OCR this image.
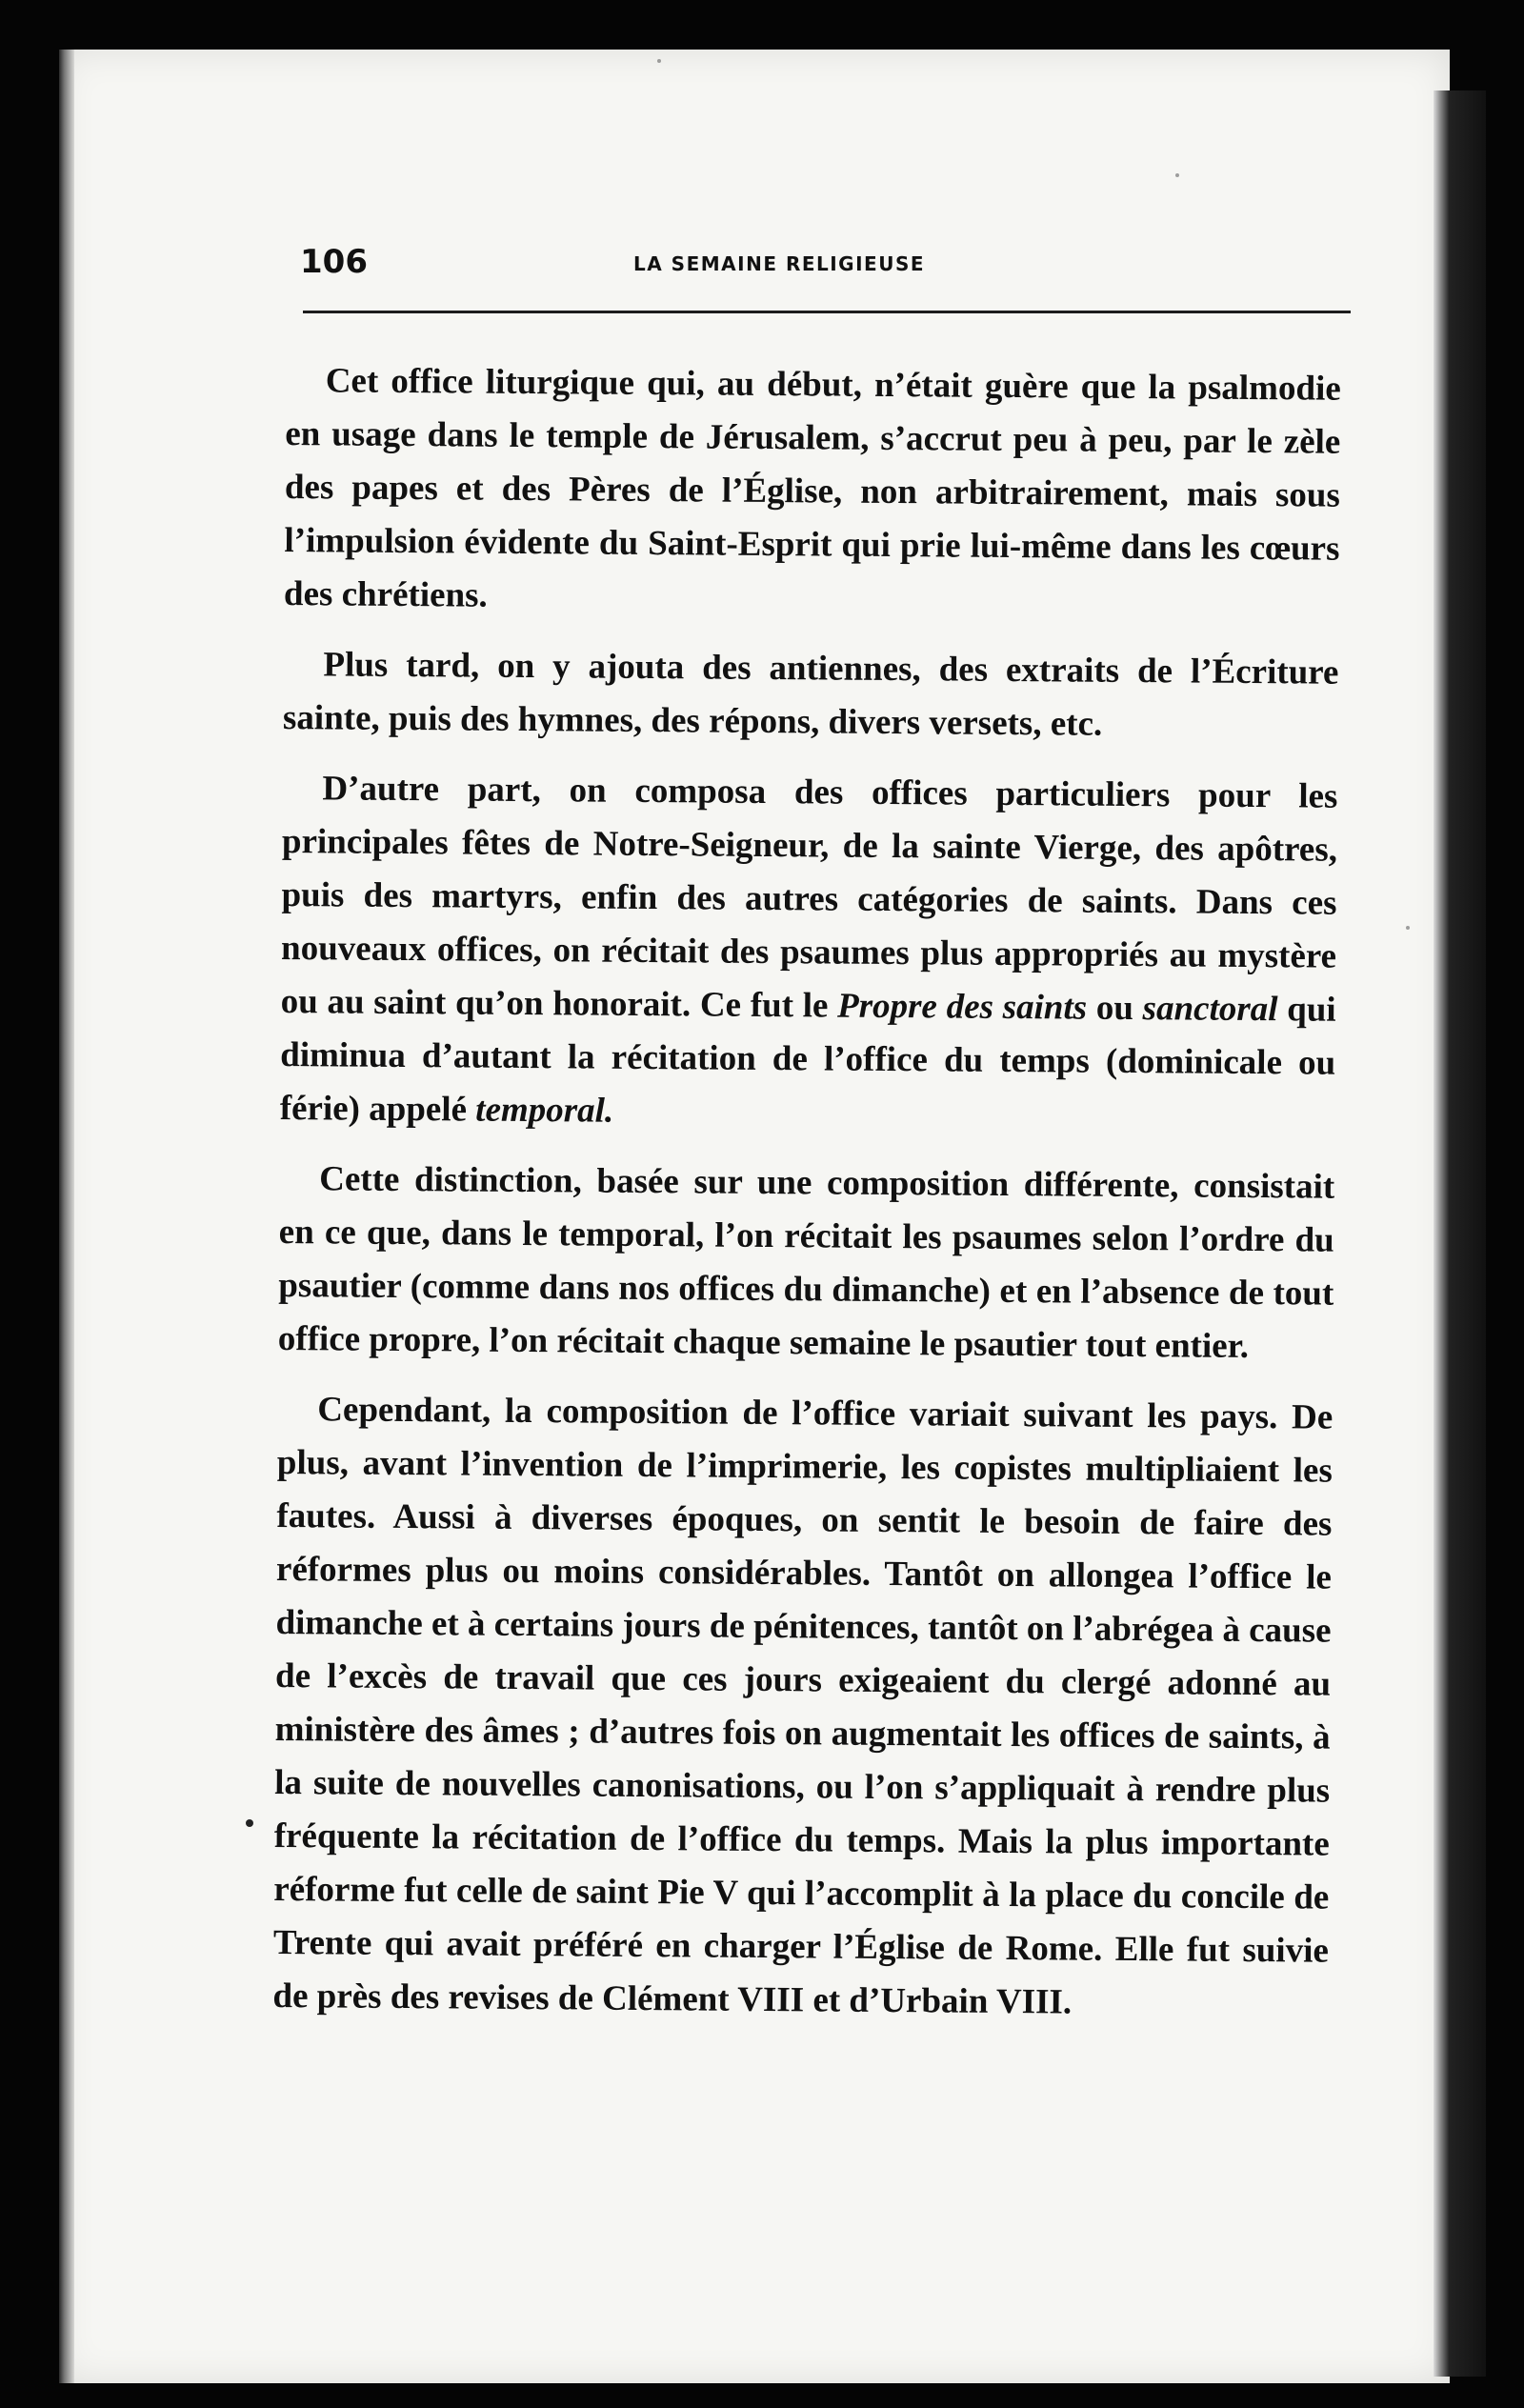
106	LA SEMAINE RELIGIEUSE

Cet office liturgique qui, au début, n’était guère que la psalmodie en usage dans le temple de Jérusalem, s’accrut peu à peu, par le zèle des papes et des Pères de l’Église, non arbitrairement, mais sous l’impulsion évidente du Saint-Esprit qui prie lui-même dans les cœurs des chrétiens.

Plus tard, on y ajouta des antiennes, des extraits de l’Écriture sainte, puis des hymnes, des répons, divers versets, etc.

D’autre part, on composa des offices particuliers pour les principales fêtes de Notre-Seigneur, de la sainte Vierge, des apôtres, puis des martyrs, enfin des autres catégories de saints. Dans ces nouveaux offices, on récitait des psaumes plus appropriés au mystère ou au saint qu’on honorait. Ce fut le Propre des saints ou sanctoral qui diminua d’autant la récitation de l’office du temps (dominicale ou férie) appelé temporal.

Cette distinction, basée sur une composition différente, consistait en ce que, dans le temporal, l’on récitait les psaumes selon l’ordre du psautier (comme dans nos offices du dimanche) et en l’absence de tout office propre, l’on récitait chaque semaine le psautier tout entier.

Cependant, la composition de l’office variait suivant les pays. De plus, avant l’invention de l’imprimerie, les copistes multipliaient les fautes. Aussi à diverses époques, on sentit le besoin de faire des réformes plus ou moins considérables. Tantôt on allongea l’office le dimanche et à certains jours de pénitences, tantôt on l’abrégea à cause de l’excès de travail que ces jours exigeaient du clergé adonné au ministère des âmes ; d’autres fois on augmentait les offices de saints, à la suite de nouvelles canonisations, ou l’on s’appliquait à rendre plus fréquente la récitation de l’office du temps. Mais la plus importante réforme fut celle de saint Pie V qui l’accomplit à la place du concile de Trente qui avait préféré en charger l’Église de Rome. Elle fut suivie de près des revises de Clément VIII et d’Urbain VIII.
